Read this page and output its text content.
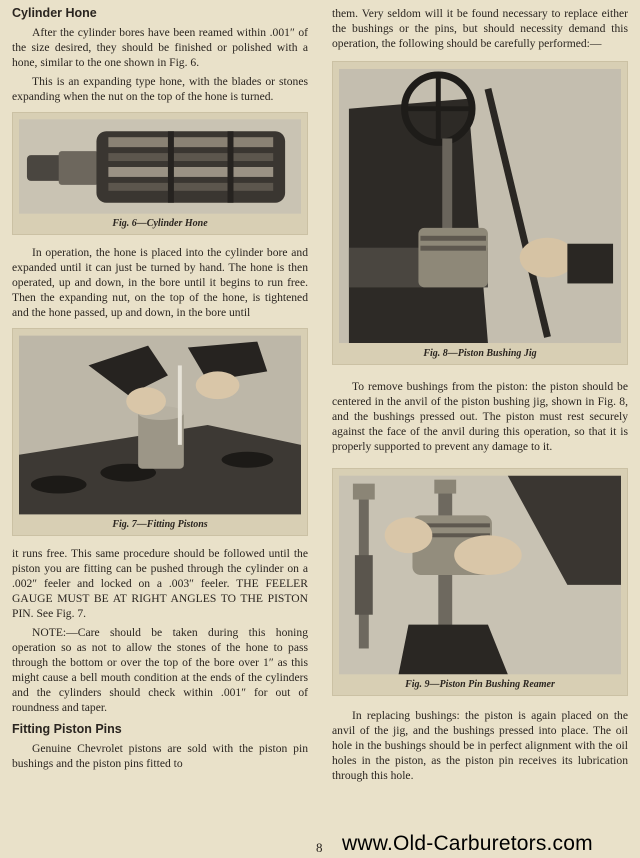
Cylinder Hone

After the cylinder bores have been reamed within .001″ of the size desired, they should be finished or polished with a hone, similar to the one shown in Fig. 6.

This is an expanding type hone, with the blades or stones expanding when the nut on the top of the hone is turned.

Fig. 6—Cylinder Hone

In operation, the hone is placed into the cylinder bore and expanded until it can just be turned by hand. The hone is then operated, up and down, in the bore until it begins to run free. Then the expanding nut, on the top of the hone, is tightened and the hone passed, up and down, in the bore until

Fig. 7—Fitting Pistons

it runs free. This same procedure should be followed until the piston you are fitting can be pushed through the cylinder on a .002″ feeler and locked on a .003″ feeler. THE FEELER GAUGE MUST BE AT RIGHT ANGLES TO THE PISTON PIN. See Fig. 7.

NOTE:—Care should be taken during this honing operation so as not to allow the stones of the hone to pass through the bottom or over the top of the bore over 1″ as this might cause a bell mouth condition at the ends of the cylinders and the cylinders should check within .001″ for out of roundness and taper.

Fitting Piston Pins

Genuine Chevrolet pistons are sold with the piston pin bushings and the piston pins fitted to

them. Very seldom will it be found necessary to replace either the bushings or the pins, but should necessity demand this operation, the following should be carefully performed:—

Fig. 8—Piston Bushing Jig

To remove bushings from the piston: the piston should be centered in the anvil of the piston bushing jig, shown in Fig. 8, and the bushings pressed out. The piston must rest securely against the face of the anvil during this operation, so that it is properly supported to prevent any damage to it.

Fig. 9—Piston Pin Bushing Reamer

In replacing bushings: the piston is again placed on the anvil of the jig, and the bushings pressed into place. The oil hole in the bushings should be in perfect alignment with the oil holes in the piston, as the piston pin receives its lubrication through this hole.

8 www.Old-Carburetors.com
